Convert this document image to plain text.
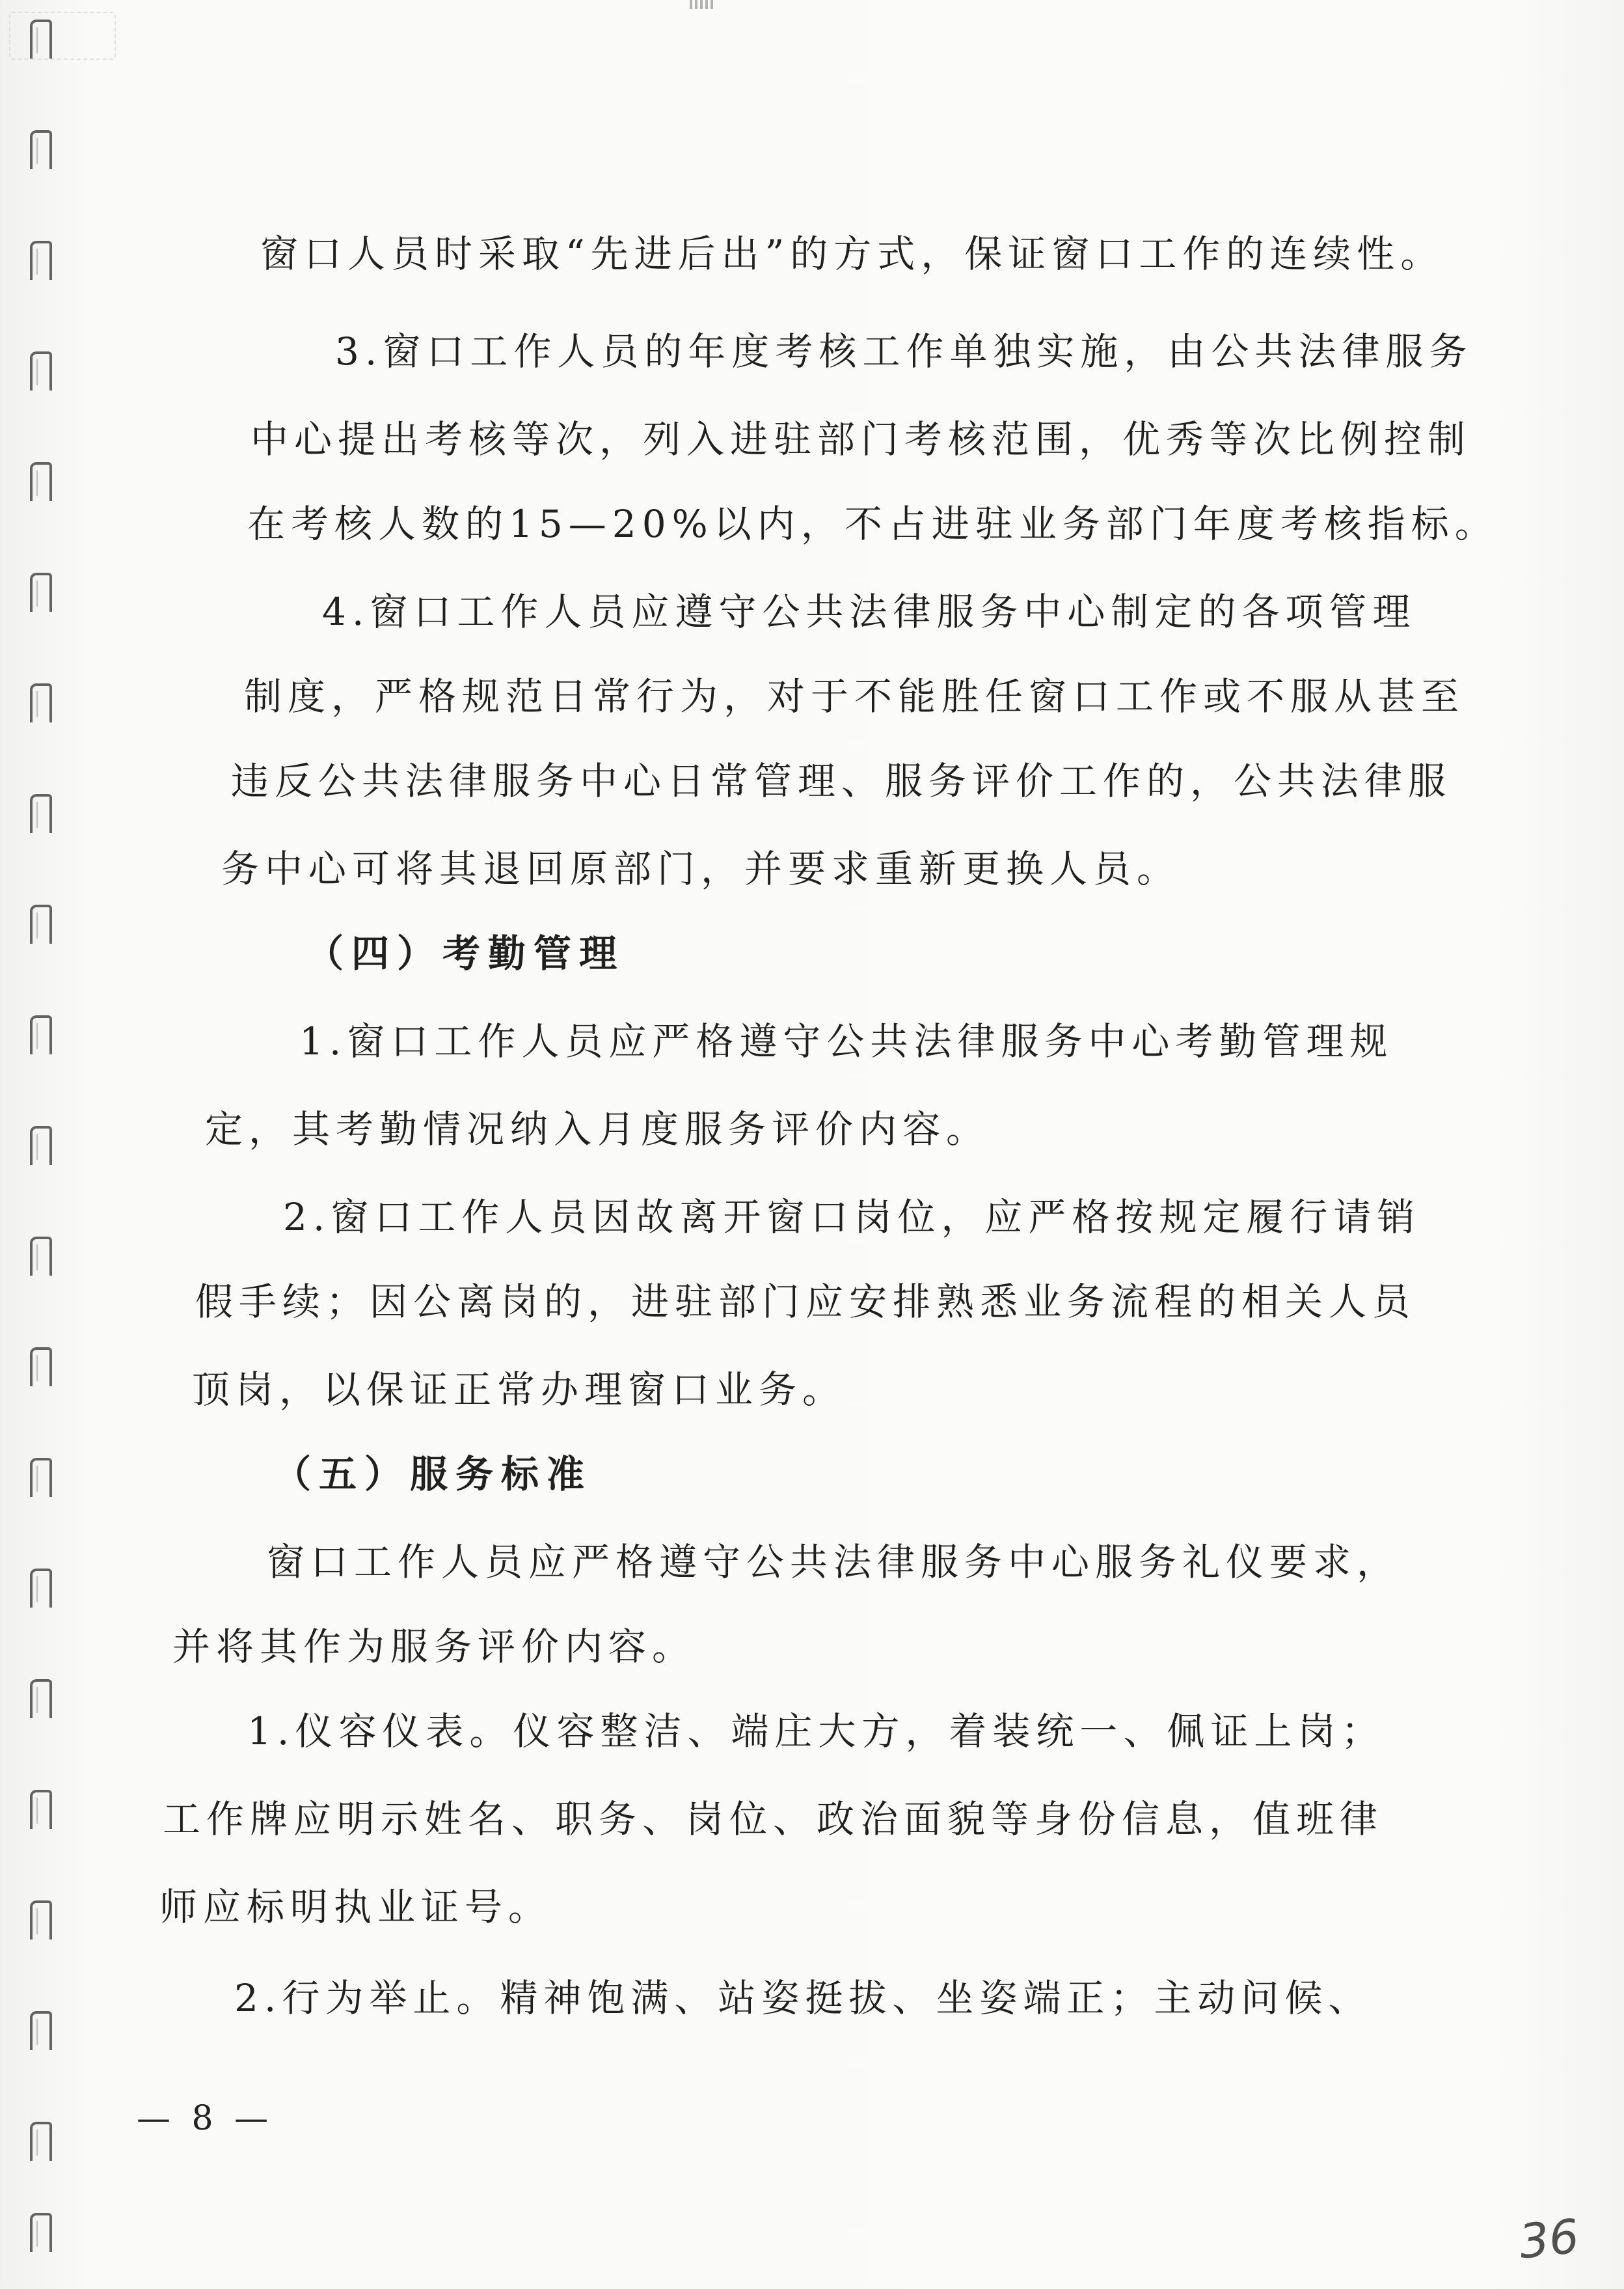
窗口人员时采取“先进后出”的方式，保证窗口工作的连续性。
3.窗口工作人员的年度考核工作单独实施，由公共法律服务
中心提出考核等次，列入进驻部门考核范围，优秀等次比例控制
在考核人数的15—20%以内，不占进驻业务部门年度考核指标。
4.窗口工作人员应遵守公共法律服务中心制定的各项管理
制度，严格规范日常行为，对于不能胜任窗口工作或不服从甚至
违反公共法律服务中心日常管理、服务评价工作的，公共法律服
务中心可将其退回原部门，并要求重新更换人员。
（四）考勤管理
1.窗口工作人员应严格遵守公共法律服务中心考勤管理规
定，其考勤情况纳入月度服务评价内容。
2.窗口工作人员因故离开窗口岗位，应严格按规定履行请销
假手续；因公离岗的，进驻部门应安排熟悉业务流程的相关人员
顶岗，以保证正常办理窗口业务。
（五）服务标准
窗口工作人员应严格遵守公共法律服务中心服务礼仪要求，
并将其作为服务评价内容。
1.仪容仪表。仪容整洁、端庄大方，着装统一、佩证上岗；
工作牌应明示姓名、职务、岗位、政治面貌等身份信息，值班律
师应标明执业证号。
2.行为举止。精神饱满、站姿挺拔、坐姿端正；主动问候、
— 8 —
36
